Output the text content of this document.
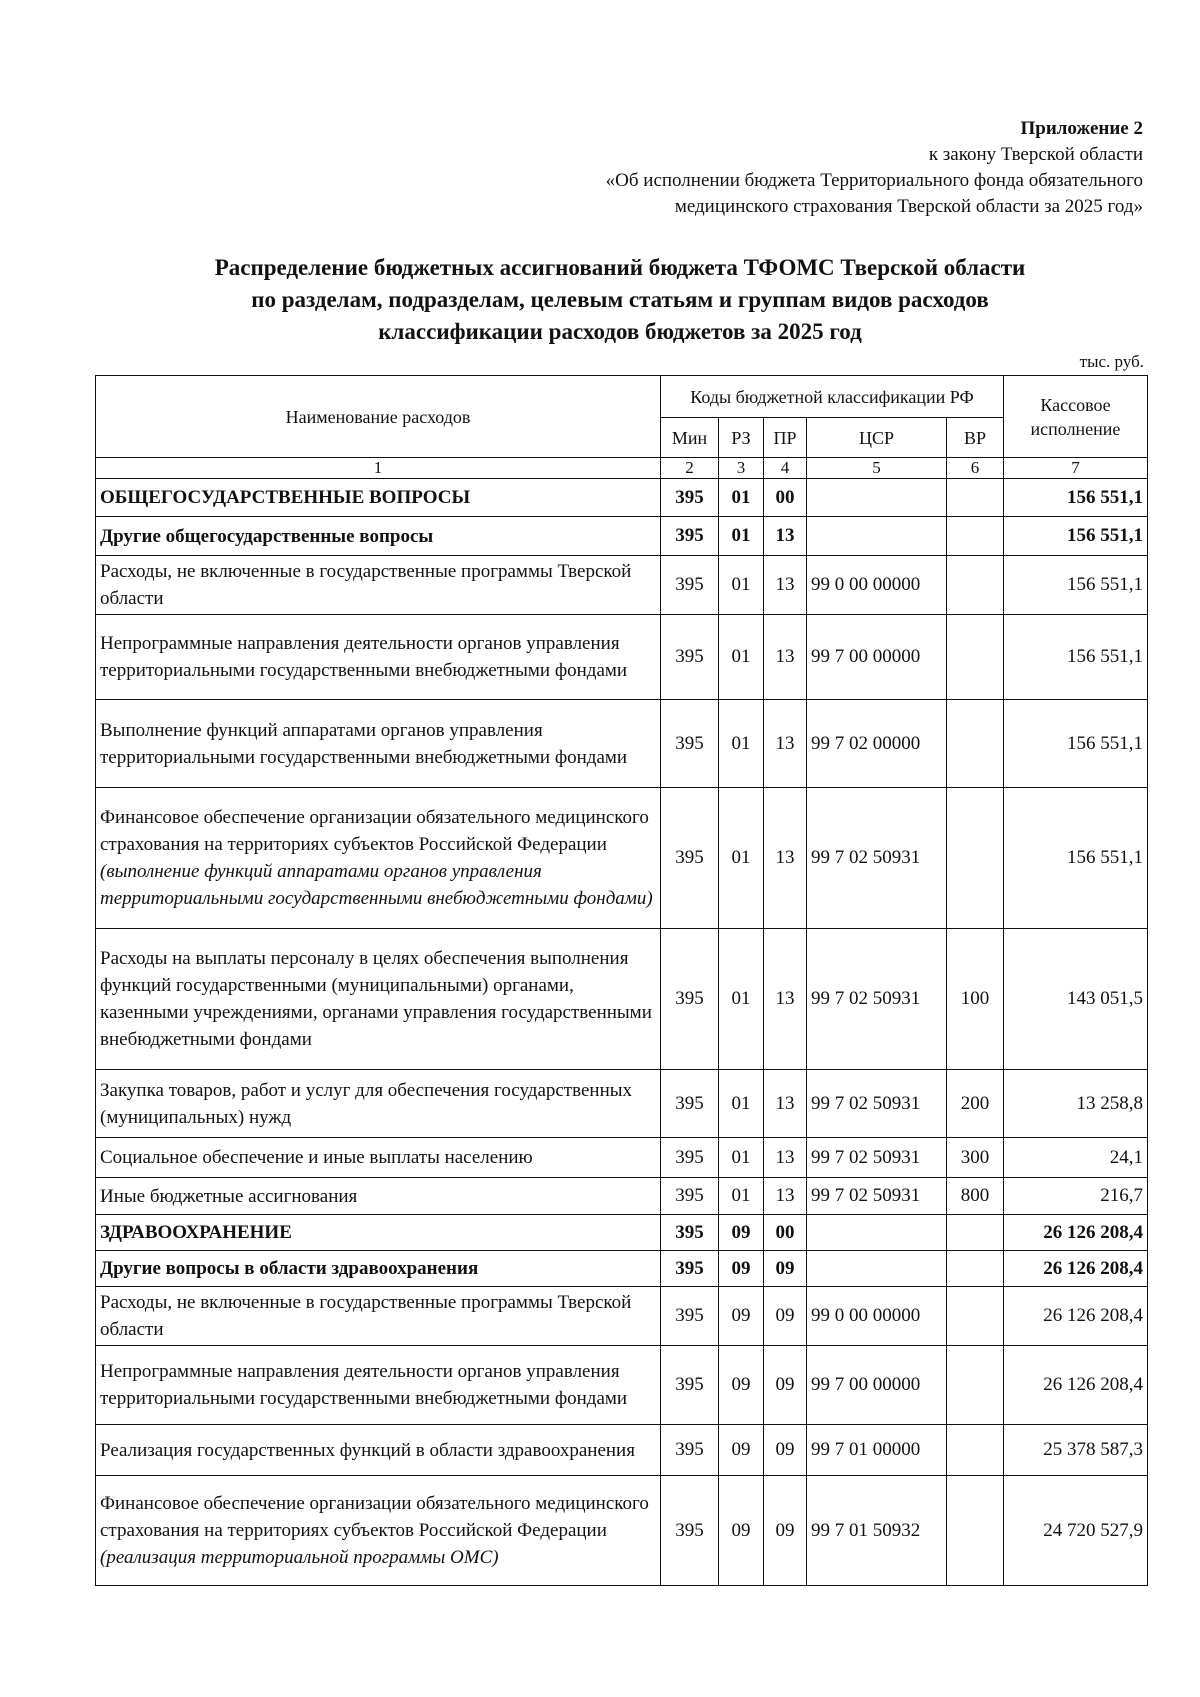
Приложение 2
к закону Тверской области
«Об исполнении бюджета Территориального фонда обязательного
медицинского страхования Тверской области за 2025 год»
Распределение бюджетных ассигнований бюджета ТФОМС Тверской области
по разделам, подразделам, целевым статьям и группам видов расходов
классификации расходов бюджетов за 2025 год
тыс. руб.
Наименование расходов	Коды бюджетной классификации РФ					Кассовое исполнение
	Мин	РЗ	ПР	ЦСР	ВР	
1	2	3	4	5	6	7
ОБЩЕГОСУДАРСТВЕННЫЕ ВОПРОСЫ	395	01	00			156 551,1
Другие общегосударственные вопросы	395	01	13			156 551,1
Расходы, не включенные в государственные программы Тверской области	395	01	13	99 0 00 00000		156 551,1
Непрограммные направления деятельности органов управления территориальными государственными внебюджетными фондами	395	01	13	99 7 00 00000		156 551,1
Выполнение функций аппаратами органов управления территориальными государственными внебюджетными фондами	395	01	13	99 7 02 00000		156 551,1
Финансовое обеспечение организации обязательного медицинского страхования на территориях субъектов Российской Федерации (выполнение функций аппаратами органов управления территориальными государственными внебюджетными фондами)	395	01	13	99 7 02 50931		156 551,1
Расходы на выплаты персоналу в целях обеспечения выполнения функций государственными (муниципальными) органами, казенными учреждениями, органами управления государственными внебюджетными фондами	395	01	13	99 7 02 50931	100	143 051,5
Закупка товаров, работ и услуг для обеспечения государственных (муниципальных) нужд	395	01	13	99 7 02 50931	200	13 258,8
Социальное обеспечение и иные выплаты населению	395	01	13	99 7 02 50931	300	24,1
Иные бюджетные ассигнования	395	01	13	99 7 02 50931	800	216,7
ЗДРАВООХРАНЕНИЕ	395	09	00			26 126 208,4
Другие вопросы в области здравоохранения	395	09	09			26 126 208,4
Расходы, не включенные в государственные программы Тверской области	395	09	09	99 0 00 00000		26 126 208,4
Непрограммные направления деятельности органов управления территориальными государственными внебюджетными фондами	395	09	09	99 7 00 00000		26 126 208,4
Реализация государственных функций в области здравоохранения	395	09	09	99 7 01 00000		25 378 587,3
Финансовое обеспечение организации обязательного медицинского страхования на территориях субъектов Российской Федерации (реализация территориальной программы ОМС)	395	09	09	99 7 01 50932		24 720 527,9
